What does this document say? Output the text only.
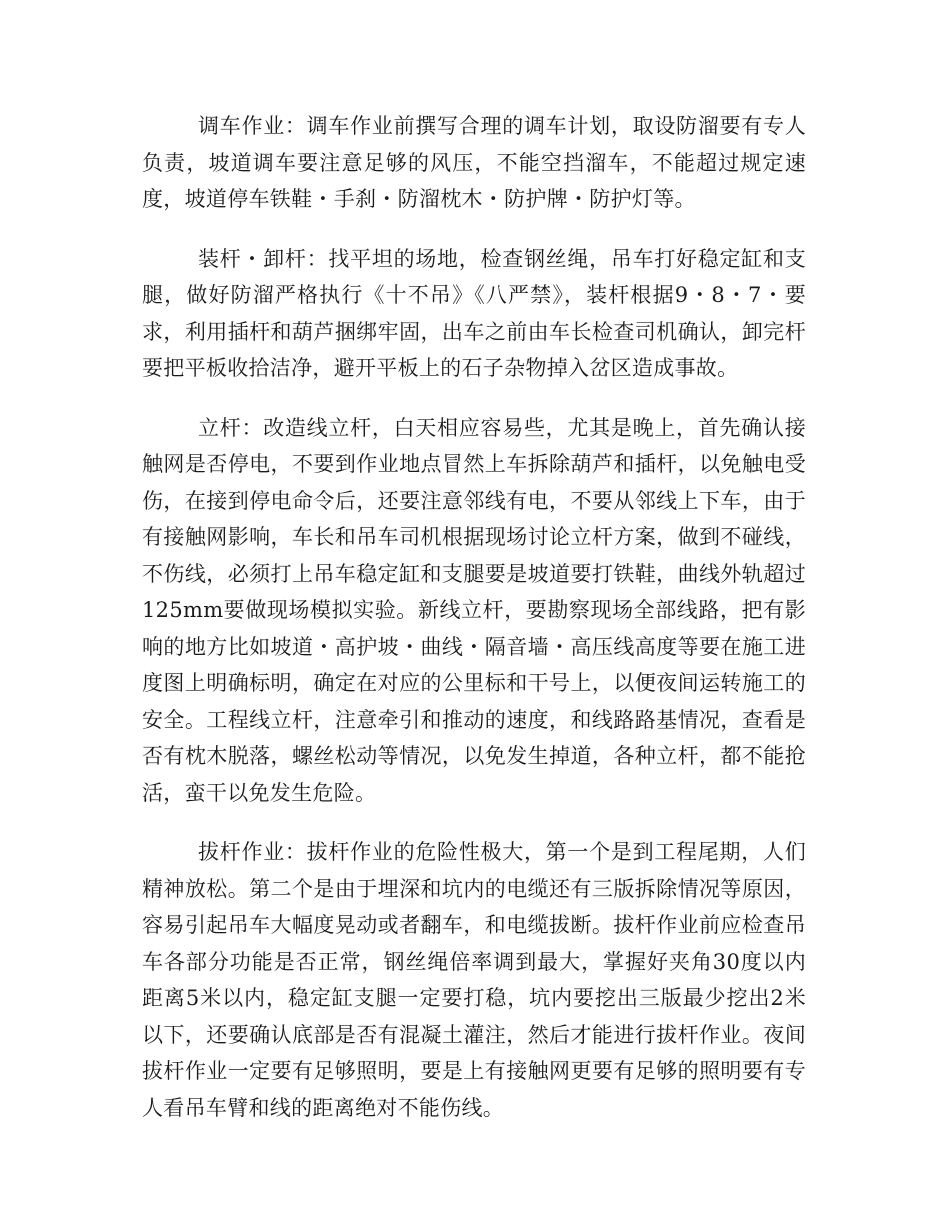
调车作业：调车作业前撰写合理的调车计划，取设防溜要有专人负责，坡道调车要注意足够的风压，不能空挡溜车，不能超过规定速度，坡道停车铁鞋・手刹・防溜枕木・防护牌・防护灯等。

装杆・卸杆：找平坦的场地，检查钢丝绳，吊车打好稳定缸和支腿，做好防溜严格执行《十不吊》《八严禁》，装杆根据9・8・7・要求，利用插杆和葫芦捆绑牢固，出车之前由车长检查司机确认，卸完杆要把平板收拾洁净，避开平板上的石子杂物掉入岔区造成事故。

立杆：改造线立杆，白天相应容易些，尤其是晚上，首先确认接触网是否停电，不要到作业地点冒然上车拆除葫芦和插杆，以免触电受伤，在接到停电命令后，还要注意邻线有电，不要从邻线上下车，由于有接触网影响，车长和吊车司机根据现场讨论立杆方案，做到不碰线，不伤线，必须打上吊车稳定缸和支腿要是坡道要打铁鞋，曲线外轨超过125mm要做现场模拟实验。新线立杆，要勘察现场全部线路，把有影响的地方比如坡道・高护坡・曲线・隔音墙・高压线高度等要在施工进度图上明确标明，确定在对应的公里标和干号上，以便夜间运转施工的安全。工程线立杆，注意牵引和推动的速度，和线路路基情况，查看是否有枕木脱落，螺丝松动等情况，以免发生掉道，各种立杆，都不能抢活，蛮干以免发生危险。

拔杆作业：拔杆作业的危险性极大，第一个是到工程尾期，人们精神放松。第二个是由于埋深和坑内的电缆还有三版拆除情况等原因，容易引起吊车大幅度晃动或者翻车，和电缆拔断。拔杆作业前应检查吊车各部分功能是否正常，钢丝绳倍率调到最大，掌握好夹角30度以内距离5米以内，稳定缸支腿一定要打稳，坑内要挖出三版最少挖出2米以下，还要确认底部是否有混凝土灌注，然后才能进行拔杆作业。夜间拔杆作业一定要有足够照明，要是上有接触网更要有足够的照明要有专人看吊车臂和线的距离绝对不能伤线。
